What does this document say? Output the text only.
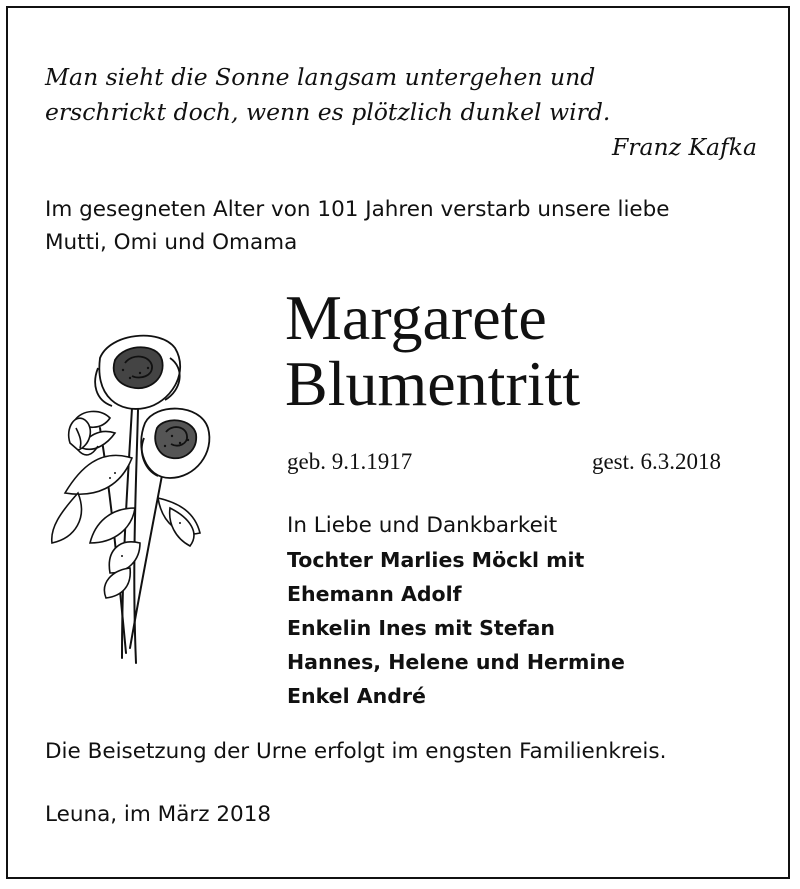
Man sieht die Sonne langsam untergehen und
erschrickt doch, wenn es plötzlich dunkel wird.
Franz Kafka
Im gesegneten Alter von 101 Jahren verstarb unsere liebe
Mutti, Omi und Omama
Margarete
Blumentritt
geb. 9.1.1917	gest. 6.3.2018
In Liebe und Dankbarkeit
Tochter Marlies Möckl mit
Ehemann Adolf
Enkelin Ines mit Stefan
Hannes, Helene und Hermine
Enkel André
Die Beisetzung der Urne erfolgt im engsten Familienkreis.
Leuna, im März 2018
